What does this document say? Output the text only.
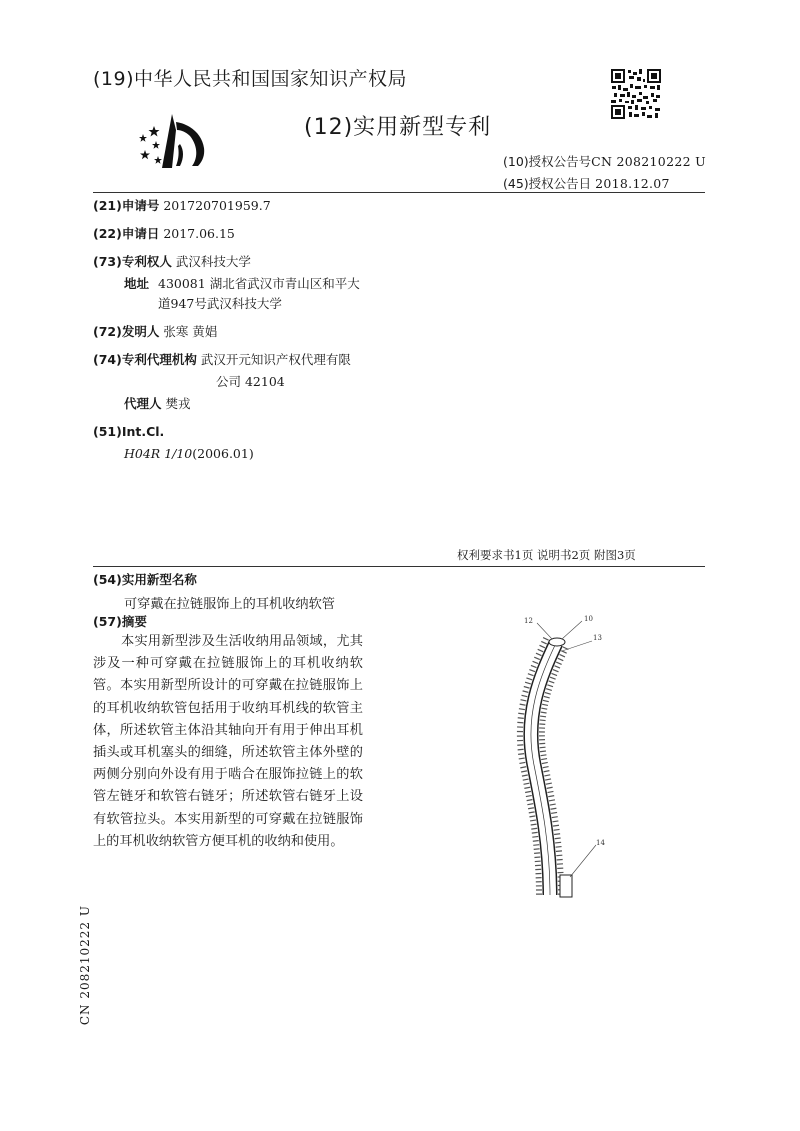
(19)中华人民共和国国家知识产权局
(12)实用新型专利
(10)授权公告号CN 208210222 U
(45)授权公告日 2018.12.07
(21)申请号 201720701959.7
(22)申请日 2017.06.15
(73)专利权人 武汉科技大学
地址 430081 湖北省武汉市青山区和平大
道947号武汉科技大学
(72)发明人 张寒 黄娼
(74)专利代理机构 武汉开元知识产权代理有限
公司 42104
代理人 樊戎
(51)Int.Cl.
H04R 1/10(2006.01)
权利要求书1页 说明书2页 附图3页
(54)实用新型名称
可穿戴在拉链服饰上的耳机收纳软管
(57)摘要
本实用新型涉及生活收纳用品领域，尤其涉及一种可穿戴在拉链服饰上的耳机收纳软管。本实用新型所设计的可穿戴在拉链服饰上的耳机收纳软管包括用于收纳耳机线的软管主体，所述软管主体沿其轴向开有用于伸出耳机插头或耳机塞头的细缝，所述软管主体外壁的两侧分别向外设有用于啮合在服饰拉链上的软管左链牙和软管右链牙；所述软管右链牙上设有软管拉头。本实用新型的可穿戴在拉链服饰上的耳机收纳软管方便耳机的收纳和使用。
12	10
13
14
CN 208210222 U
